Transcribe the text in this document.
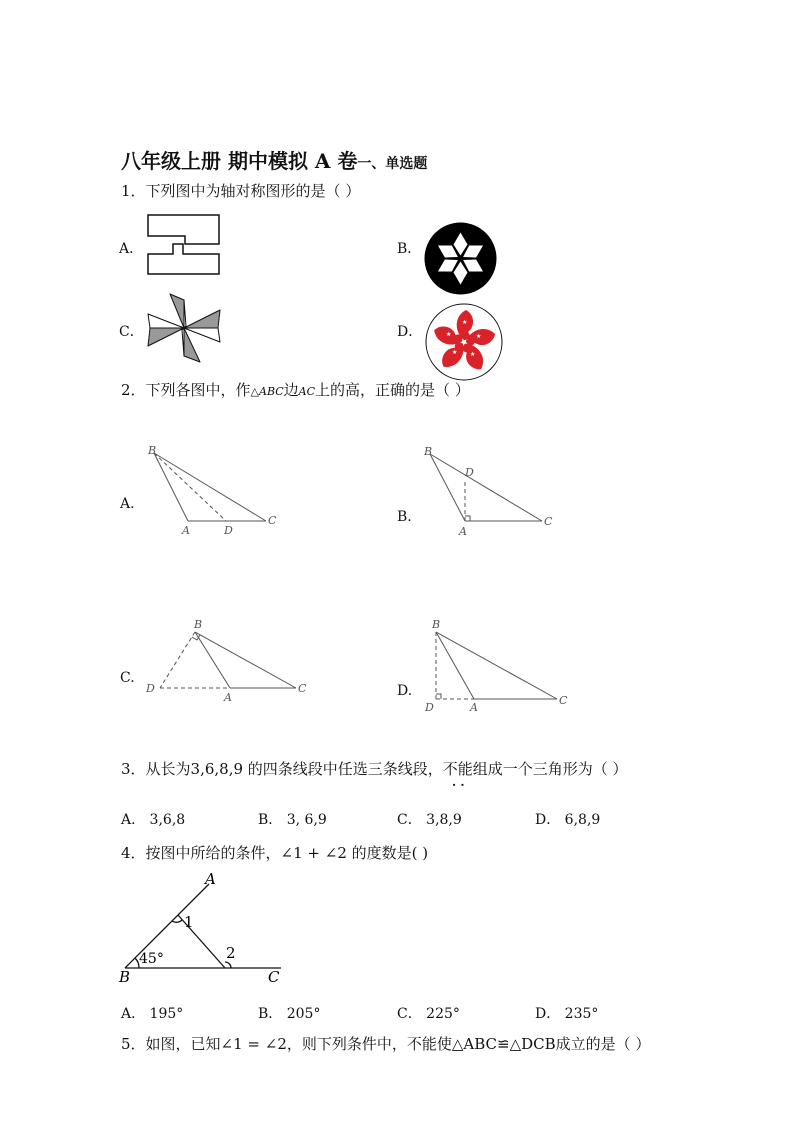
八年级上册 期中模拟 A 卷一、单选题
1．下列图中为轴对称图形的是（ ）
A．	B．
C．	D．
★
★
★
★
★
2．下列各图中，作△ABC边AC上的高，正确的是（ ）
A.
B
A	D
C	B.
B
D
A
C
C.
B
D
A
C	D.
B
D	A
C
3．从长为3,6,8,9 的四条线段中任选三条线段，不能组成一个三角形为（ ）
· ·
A． 3,6,8	B． 3, 6,9	C． 3,8,9	D． 6,8,9
4．按图中所给的条件，∠1 + ∠2 的度数是( )
A
B	C
1
2
45°
A． 195°	B． 205°	C． 225°	D． 235°
5．如图，已知∠1 = ∠2，则下列条件中，不能使△ABC≌△DCB成立的是（ ）
